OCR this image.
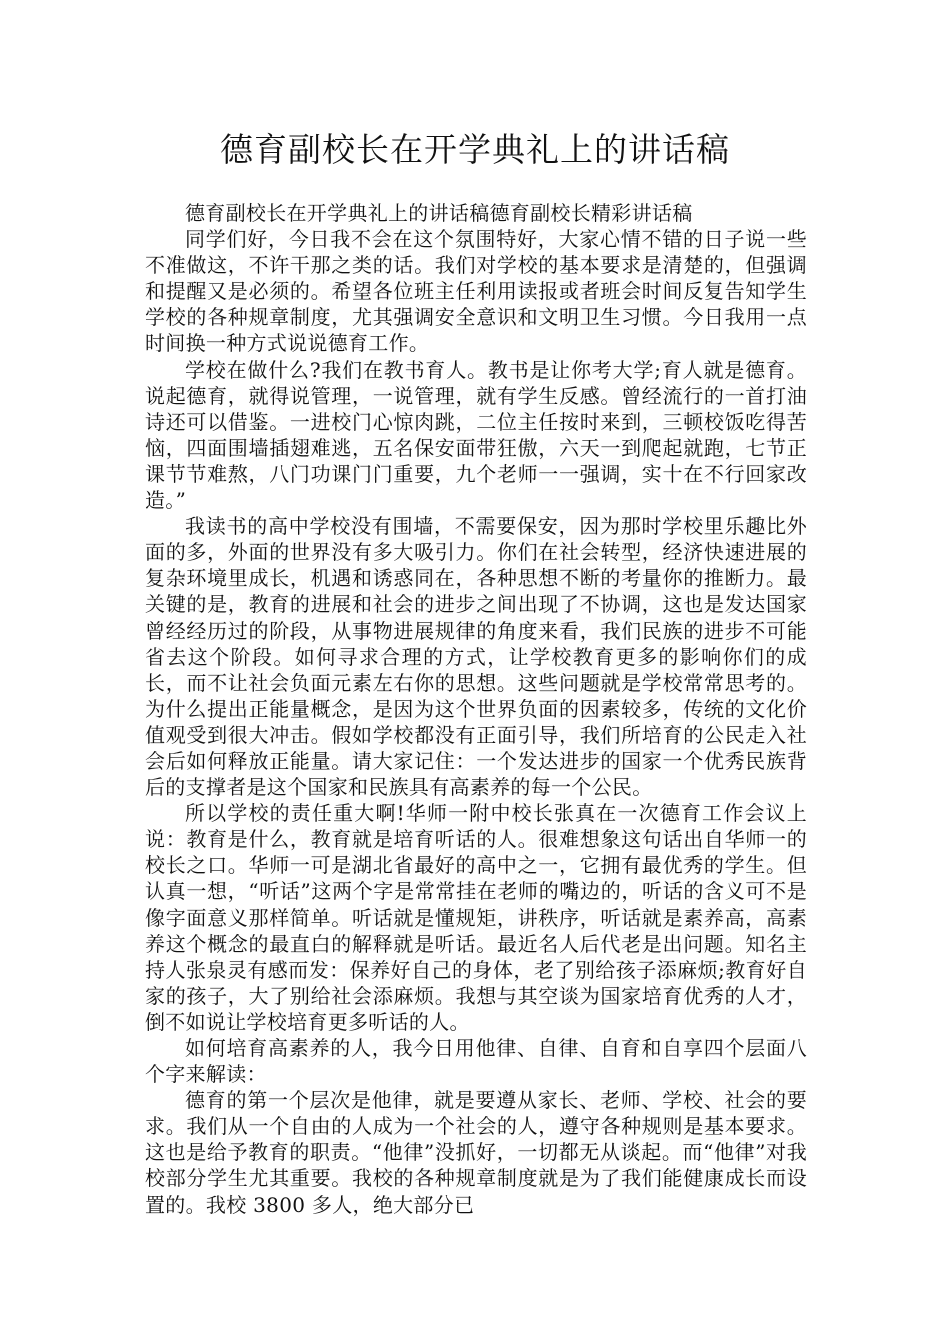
德育副校长在开学典礼上的讲话稿

德育副校长在开学典礼上的讲话稿德育副校长精彩讲话稿

同学们好，今日我不会在这个氛围特好，大家心情不错的日子说一些不准做这，不许干那之类的话。我们对学校的基本要求是清楚的，但强调和提醒又是必须的。希望各位班主任利用读报或者班会时间反复告知学生学校的各种规章制度，尤其强调安全意识和文明卫生习惯。今日我用一点时间换一种方式说说德育工作。

学校在做什么?我们在教书育人。教书是让你考大学;育人就是德育。说起德育，就得说管理，一说管理，就有学生反感。曾经流行的一首打油诗还可以借鉴。一进校门心惊肉跳，二位主任按时来到，三顿校饭吃得苦恼，四面围墙插翅难逃，五名保安面带狂傲，六天一到爬起就跑，七节正课节节难熬，八门功课门门重要，九个老师一一强调，实十在不行回家改造。”

我读书的高中学校没有围墙，不需要保安，因为那时学校里乐趣比外面的多，外面的世界没有多大吸引力。你们在社会转型，经济快速进展的复杂环境里成长，机遇和诱惑同在，各种思想不断的考量你的推断力。最关键的是，教育的进展和社会的进步之间出现了不协调，这也是发达国家曾经经历过的阶段，从事物进展规律的角度来看，我们民族的进步不可能省去这个阶段。如何寻求合理的方式，让学校教育更多的影响你们的成长，而不让社会负面元素左右你的思想。这些问题就是学校常常思考的。为什么提出正能量概念，是因为这个世界负面的因素较多，传统的文化价值观受到很大冲击。假如学校都没有正面引导，我们所培育的公民走入社会后如何释放正能量。请大家记住：一个发达进步的国家一个优秀民族背后的支撑者是这个国家和民族具有高素养的每一个公民。

所以学校的责任重大啊!华师一附中校长张真在一次德育工作会议上说：教育是什么，教育就是培育听话的人。很难想象这句话出自华师一的校长之口。华师一可是湖北省最好的高中之一，它拥有最优秀的学生。但认真一想，“听话”这两个字是常常挂在老师的嘴边的，听话的含义可不是像字面意义那样简单。听话就是懂规矩，讲秩序，听话就是素养高，高素养这个概念的最直白的解释就是听话。最近名人后代老是出问题。知名主持人张泉灵有感而发：保养好自己的身体，老了别给孩子添麻烦;教育好自家的孩子，大了别给社会添麻烦。我想与其空谈为国家培育优秀的人才，倒不如说让学校培育更多听话的人。

如何培育高素养的人，我今日用他律、自律、自育和自享四个层面八个字来解读：

德育的第一个层次是他律，就是要遵从家长、老师、学校、社会的要求。我们从一个自由的人成为一个社会的人，遵守各种规则是基本要求。这也是给予教育的职责。“他律”没抓好，一切都无从谈起。而“他律”对我校部分学生尤其重要。我校的各种规章制度就是为了我们能健康成长而设置的。我校 3800 多人，绝大部分已
